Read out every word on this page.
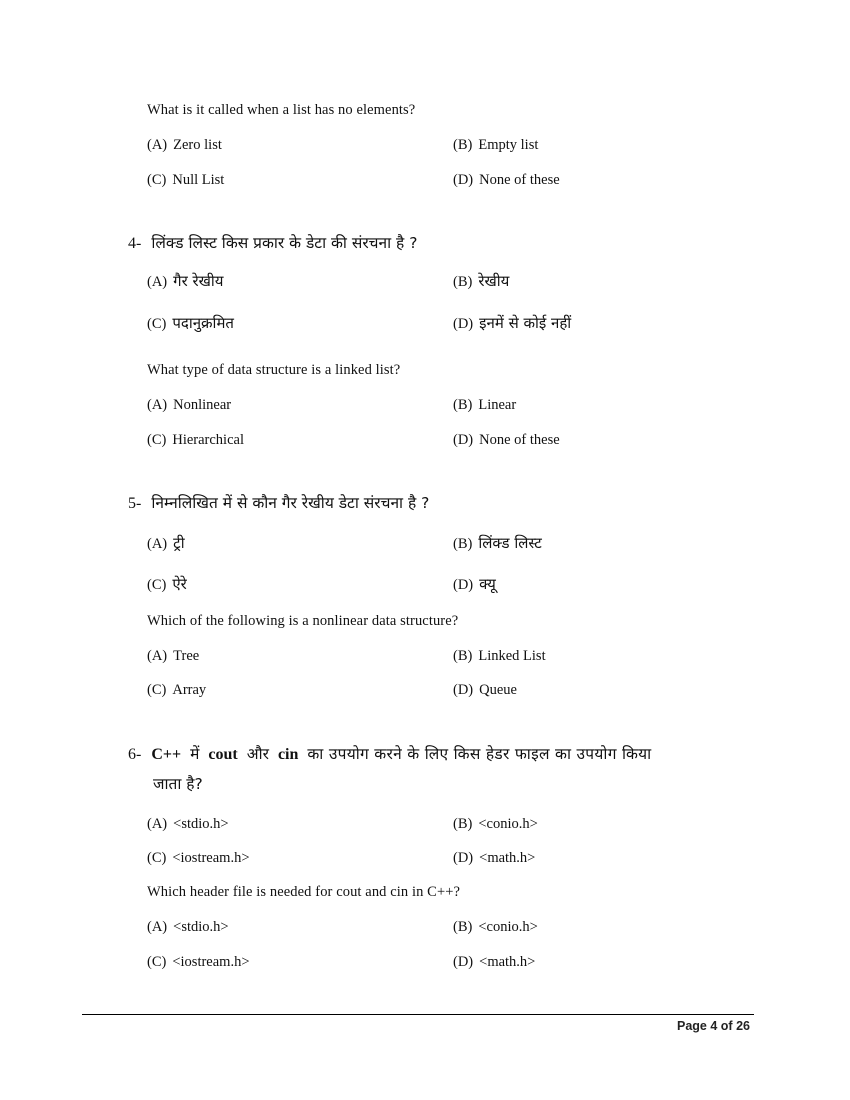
What is it called when a list has no elements?
(A) Zero list	(B) Empty list
(C) Null List	(D) None of these
4- लिंक्ड लिस्ट किस प्रकार के डेटा की संरचना है ?
(A) गैर रेखीय	(B) रेखीय
(C) पदानुक्रमित	(D) इनमें से कोई नहीं
What type of data structure is a linked list?
(A) Nonlinear	(B) Linear
(C) Hierarchical	(D) None of these
5- निम्नलिखित में से कौन गैर रेखीय डेटा संरचना है ?
(A) ट्री	(B) लिंक्ड लिस्ट
(C) ऐरे	(D) क्यू
Which of the following is a nonlinear data structure?
(A) Tree	(B) Linked List
(C) Array	(D) Queue
6- C++ में cout और cin का उपयोग करने के लिए किस हेडर फाइल का उपयोग किया
जाता है?
(A) <stdio.h>	(B) <conio.h>
(C) <iostream.h>	(D) <math.h>
Which header file is needed for cout and cin in C++?
(A) <stdio.h>	(B) <conio.h>
(C) <iostream.h>	(D) <math.h>
Page 4 of 26
